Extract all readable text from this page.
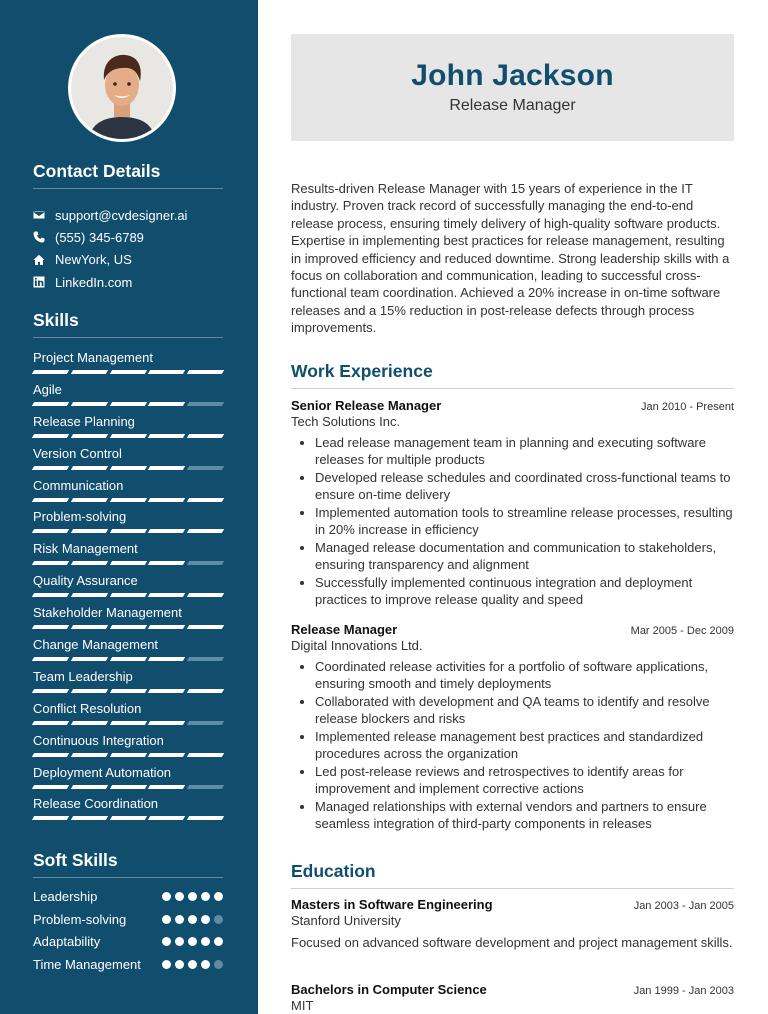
Contact Details
support@cvdesigner.ai
(555) 345-6789
NewYork, US
LinkedIn.com
Skills
Project Management
Agile
Release Planning
Version Control
Communication
Problem-solving
Risk Management
Quality Assurance
Stakeholder Management
Change Management
Team Leadership
Conflict Resolution
Continuous Integration
Deployment Automation
Release Coordination
Soft Skills
Leadership
Problem-solving
Adaptability
Time Management
John Jackson
Release Manager
Results-driven Release Manager with 15 years of experience in the IT industry. Proven track record of successfully managing the end-to-end release process, ensuring timely delivery of high-quality software products. Expertise in implementing best practices for release management, resulting in improved efficiency and reduced downtime. Strong leadership skills with a focus on collaboration and communication, leading to successful cross-functional team coordination. Achieved a 20% increase in on-time software releases and a 15% reduction in post-release defects through process improvements.
Work Experience
Senior Release Manager	Jan 2010 - Present
Tech Solutions Inc.
• Lead release management team in planning and executing software releases for multiple products
• Developed release schedules and coordinated cross-functional teams to ensure on-time delivery
• Implemented automation tools to streamline release processes, resulting in 20% increase in efficiency
• Managed release documentation and communication to stakeholders, ensuring transparency and alignment
• Successfully implemented continuous integration and deployment practices to improve release quality and speed
Release Manager	Mar 2005 - Dec 2009
Digital Innovations Ltd.
• Coordinated release activities for a portfolio of software applications, ensuring smooth and timely deployments
• Collaborated with development and QA teams to identify and resolve release blockers and risks
• Implemented release management best practices and standardized procedures across the organization
• Led post-release reviews and retrospectives to identify areas for improvement and implement corrective actions
• Managed relationships with external vendors and partners to ensure seamless integration of third-party components in releases
Education
Masters in Software Engineering	Jan 2003 - Jan 2005
Stanford University
Focused on advanced software development and project management skills.
Bachelors in Computer Science	Jan 1999 - Jan 2003
MIT
